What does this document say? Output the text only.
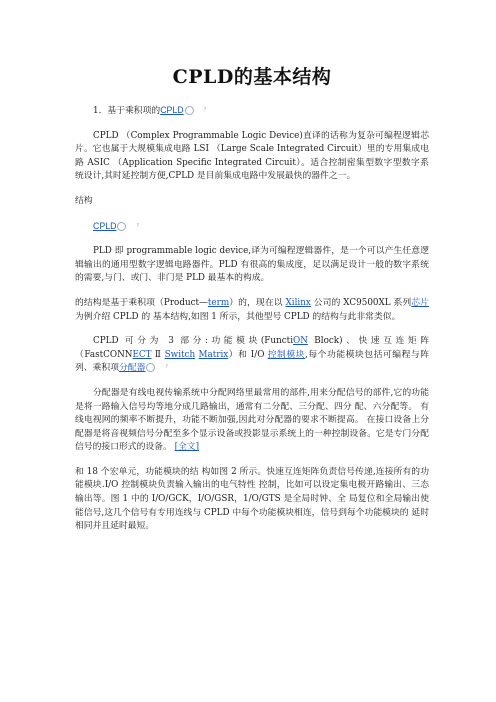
CPLD的基本结构

1．基于乘积项的CPLD	?

CPLD （Complex Programmable Logic Device)直译的话称为复杂可编程逻辑芯片。它也属于大规模集成电路 LSI （Large Scale Integrated Circuit）里的专用集成电路 ASIC （Application Specific Integrated Circuit）。适合控制密集型数字型数字系统设计,其时延控制方便,CPLD 是目前集成电路中发展最快的器件之一。

结构

CPLD	?

PLD 即 programmable logic device,译为可编程逻辑器件，是一个可以产生任意逻辑输出的通用型数字逻辑电路器件。PLD 有很高的集成度，足以满足设计一般的数字系统的需要,与门、或门、非门是 PLD 最基本的构成。

的结构是基于乘积项（Product—term）的，现在以 Xilinx 公司的 XC9500XL 系列芯片为例介绍 CPLD 的 基本结构,如图 1 所示，其他型号 CPLD 的结构与此非常类似。

CPLD 可分为 3 部分:功能模块(FunctiON Block)、快速互连矩阵（FastCONNECT Ⅱ Switch Matrix）和 I/O 控制模块,每个功能模块包括可编程与阵列、乘积项分配器	?

分配器是有线电视传输系统中分配网络里最常用的部件,用来分配信号的部件,它的功能是将一路输入信号均等地分成几路输出，通常有二分配、三分配、四分 配、六分配等。 有线电视网的频率不断提升，功能不断加强,因此对分配器的要求不断提高。 在接口设备上分配器是将音视频信号分配至多个显示设备或投影显示系统上的一种控制设备。它是专门分配信号的接口形式的设备。 [全文]

和 18 个宏单元，功能模块的结 构如图 2 所示。快速互连矩阵负责信号传递,连接所有的功能模块.I/O 控制模块负责输入输出的电气特性 控制，比如可以设定集电极开路输出、三态输出等。图 1 中的 I/O/GCK，I/O/GSR，1/O/GTS 是全局时钟、全 局复位和全局输出使能信号,这几个信号有专用连线与 CPLD 中每个功能模块相连，信号到每个功能模块的 延时相同并且延时最短。
